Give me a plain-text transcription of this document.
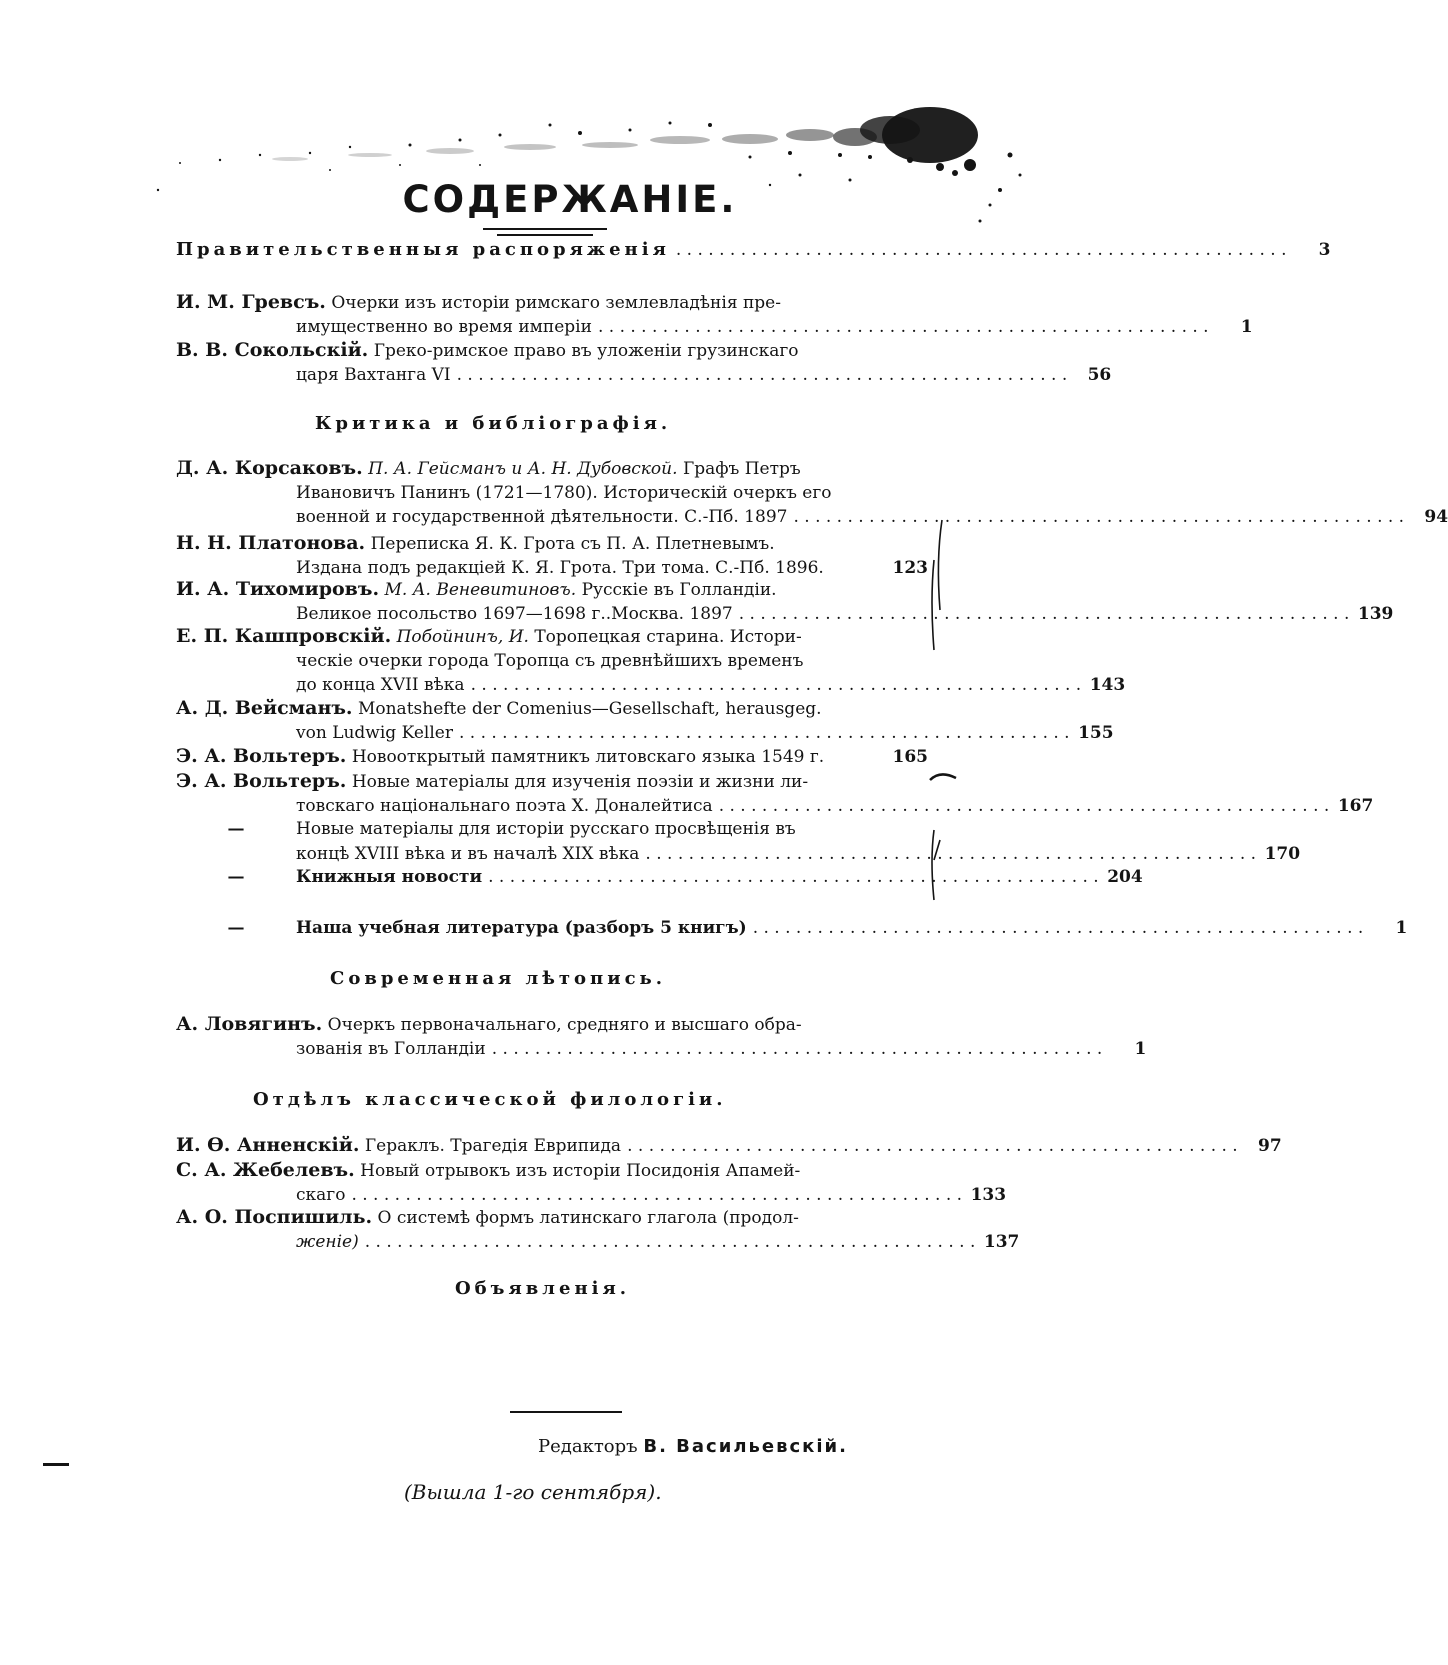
СОДЕРЖАНIЕ.
Правительственныя распоряженiя . . .	3
И. М. Гревсъ. Очерки изъ исторiи римскаго землевладѣнiя пре-
имущественно во время имперiи . . .	1
В. В. Сокольскiй. Греко-римское право въ уложенiи грузинскаго
царя Вахтанга VI . . .	56
Критика и библiографiя.
Д. А. Корсаковъ. П. А. Гейсманъ и А. Н. Дубовской. Графъ Петръ
Ивановичъ Панинъ (1721—1780). Историческiй очеркъ его
военной и государственной дѣятельности. С.-Пб. 1897 . . .	94
Н. Н. Платонова. Переписка Я. К. Грота съ П. А. Плетневымъ.
Издана подъ редакцiей К. Я. Грота. Три тома. С.-Пб. 1896.	123
И. А. Тихомировъ. М. А. Веневитиновъ. Русскiе въ Голландiи.
Великое посольство 1697—1698 г..Москва. 1897 . . .	139
Е. П. Кашпровскiй. Побойнинъ, И. Торопецкая старина. Истори-
ческiе очерки города Торопца съ древнѣйшихъ временъ
до конца XVII вѣка . . .	143
А. Д. Вейсманъ. Monatshefte der Comenius—Gesellschaft, herausgeg.
von Ludwig Keller . . .	155
Э. А. Вольтеръ. Новооткрытый памятникъ литовскаго языка 1549 г.	165
Э. А. Вольтеръ. Новые матерiалы для изученiя поэзiи и жизни ли-
товскаго нацiональнаго поэта X. Доналейтиса . . .	167
—	Новые матерiалы для исторiи русскаго просвѣщенiя въ
концѣ XVIII вѣка и въ началѣ XIX вѣка . . .	170
—	Книжныя новости . . .	204
—	Наша учебная литература (разборъ 5 книгъ) . . .	1
Современная лѣтопись.
А. Ловягинъ. Очеркъ первоначальнаго, средняго и высшаго обра-
зованiя въ Голландiи . . .	1
Отдѣлъ классической филологiи.
И. Ө. Анненскiй. Гераклъ. Трагедiя Еврипида . . .	97
С. А. Жебелевъ. Новый отрывокъ изъ исторiи Посидонiя Апамей-
скаго . . .	133
А. О. Поспишиль. О системѣ формъ латинскаго глагола (продол-
женiе) . . .	137
Объявленiя.
Редакторъ В. Васильевскiй.
(Вышла 1-го сентября).
